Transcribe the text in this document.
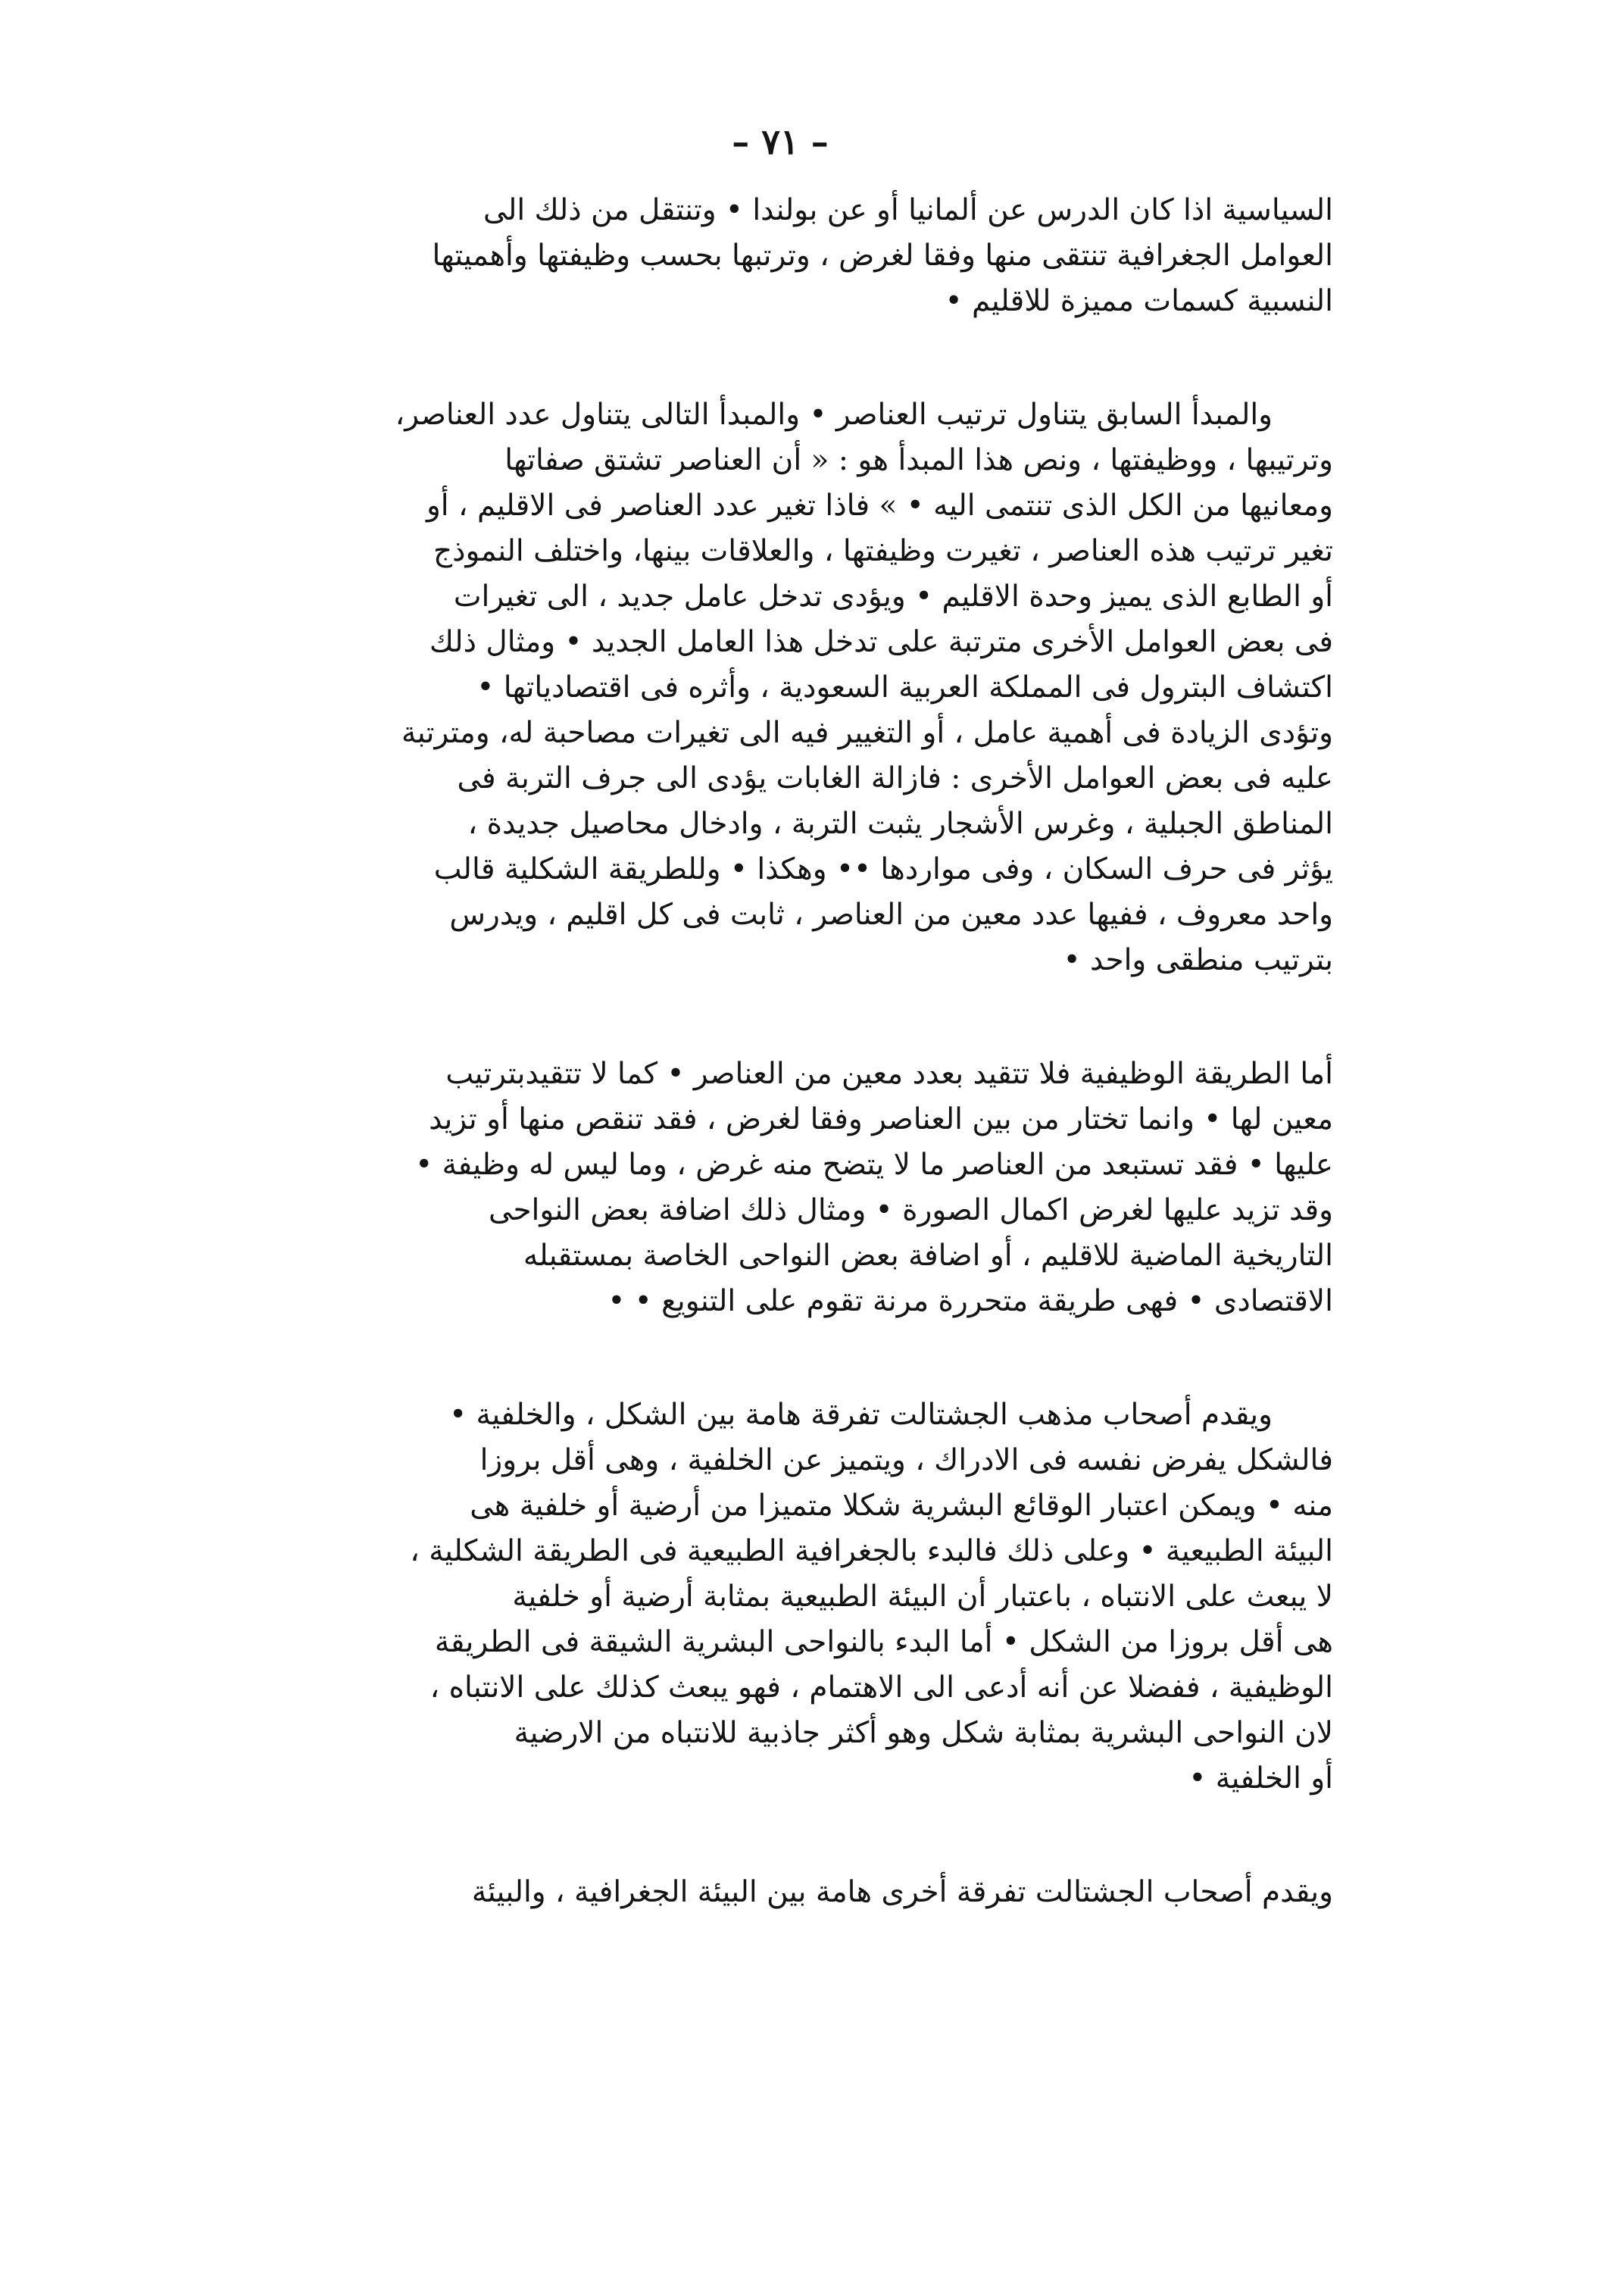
– ٧١ –
السياسية اذا كان الدرس عن ألمانيا أو عن بولندا • وتنتقل من ذلك الى
العوامل الجغرافية تنتقى منها وفقا لغرض ، وترتبها بحسب وظيفتها وأهميتها
النسبية كسمات مميزة للاقليم •
والمبدأ السابق يتناول ترتيب العناصر • والمبدأ التالى يتناول عدد العناصر،
وترتيبها ، ووظيفتها ، ونص هذا المبدأ هو : « أن العناصر تشتق صفاتها
ومعانيها من الكل الذى تنتمى اليه • » فاذا تغير عدد العناصر فى الاقليم ، أو
تغير ترتيب هذه العناصر ، تغيرت وظيفتها ، والعلاقات بينها، واختلف النموذج
أو الطابع الذى يميز وحدة الاقليم • ويؤدى تدخل عامل جديد ، الى تغيرات
فى بعض العوامل الأخرى مترتبة على تدخل هذا العامل الجديد • ومثال ذلك
اكتشاف البترول فى المملكة العربية السعودية ، وأثره فى اقتصادياتها •
وتؤدى الزيادة فى أهمية عامل ، أو التغيير فيه الى تغيرات مصاحبة له، ومترتبة
عليه فى بعض العوامل الأخرى : فازالة الغابات يؤدى الى جرف التربة فى
المناطق الجبلية ، وغرس الأشجار يثبت التربة ، وادخال محاصيل جديدة ،
يؤثر فى حرف السكان ، وفى مواردها •• وهكذا • وللطريقة الشكلية قالب
واحد معروف ، ففيها عدد معين من العناصر ، ثابت فى كل اقليم ، ويدرس
بترتيب منطقى واحد •
أما الطريقة الوظيفية فلا تتقيد بعدد معين من العناصر • كما لا تتقيدبترتيب
معين لها • وانما تختار من بين العناصر وفقا لغرض ، فقد تنقص منها أو تزيد
عليها • فقد تستبعد من العناصر ما لا يتضح منه غرض ، وما ليس له وظيفة •
وقد تزيد عليها لغرض اكمال الصورة • ومثال ذلك اضافة بعض النواحى
التاريخية الماضية للاقليم ، أو اضافة بعض النواحى الخاصة بمستقبله
الاقتصادى • فهى طريقة متحررة مرنة تقوم على التنويع • •
ويقدم أصحاب مذهب الجشتالت تفرقة هامة بين الشكل ، والخلفية •
فالشكل يفرض نفسه فى الادراك ، ويتميز عن الخلفية ، وهى أقل بروزا
منه • ويمكن اعتبار الوقائع البشرية شكلا متميزا من أرضية أو خلفية هى
البيئة الطبيعية • وعلى ذلك فالبدء بالجغرافية الطبيعية فى الطريقة الشكلية ،
لا يبعث على الانتباه ، باعتبار أن البيئة الطبيعية بمثابة أرضية أو خلفية
هى أقل بروزا من الشكل • أما البدء بالنواحى البشرية الشيقة فى الطريقة
الوظيفية ، ففضلا عن أنه أدعى الى الاهتمام ، فهو يبعث كذلك على الانتباه ،
لان النواحى البشرية بمثابة شكل وهو أكثر جاذبية للانتباه من الارضية
أو الخلفية •
ويقدم أصحاب الجشتالت تفرقة أخرى هامة بين البيئة الجغرافية ، والبيئة
